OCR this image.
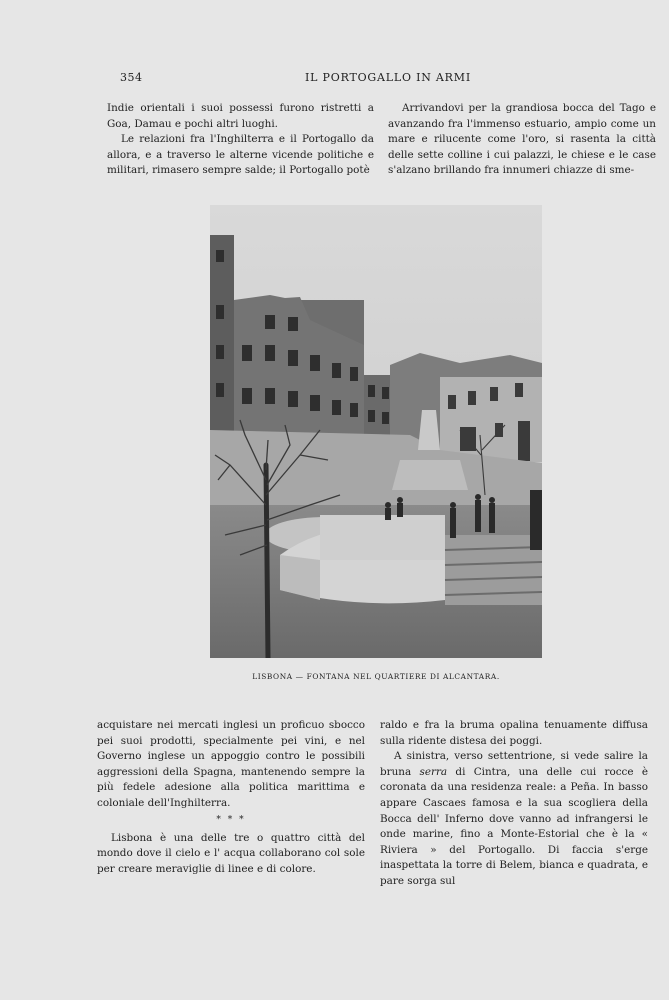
354	IL PORTOGALLO IN ARMI

Indie orientali i suoi possessi furono ristretti a Goa, Damau e pochi altri luoghi.

Le relazioni fra l'Inghilterra e il Portogallo da allora, e a traverso le alterne vicende politiche e militari, rimasero sempre salde; il Portogallo potè

Arrivandovi per la grandiosa bocca del Tago e avanzando fra l'immenso estuario, ampio come un mare e rilucente come l'oro, si rasenta la città delle sette colline i cui palazzi, le chiese e le case s'alzano brillando fra innumeri chiazze di sme-

LISBONA — FONTANA NEL QUARTIERE DI ALCANTARA.

acquistare nei mercati inglesi un proficuo sbocco pei suoi prodotti, specialmente pei vini, e nel Governo inglese un appoggio contro le possibili aggressioni della Spagna, mantenendo sempre la più fedele adesione alla politica marittima e coloniale dell'Inghilterra.

* * *

Lisbona è una delle tre o quattro città del mondo dove il cielo e l' acqua collaborano col sole per creare meraviglie di linee e di colore.

raldo e fra la bruma opalina tenuamente diffusa sulla ridente distesa dei poggi.

A sinistra, verso settentrione, si vede salire la bruna serra di Cintra, una delle cui rocce è coronata da una residenza reale: a Peña. In basso appare Cascaes famosa e la sua scogliera della Bocca dell' Inferno dove vanno ad infrangersi le onde marine, fino a Monte-Estorial che è la « Riviera » del Portogallo. Di faccia s'erge inaspettata la torre di Belem, bianca e quadrata, e pare sorga sul
